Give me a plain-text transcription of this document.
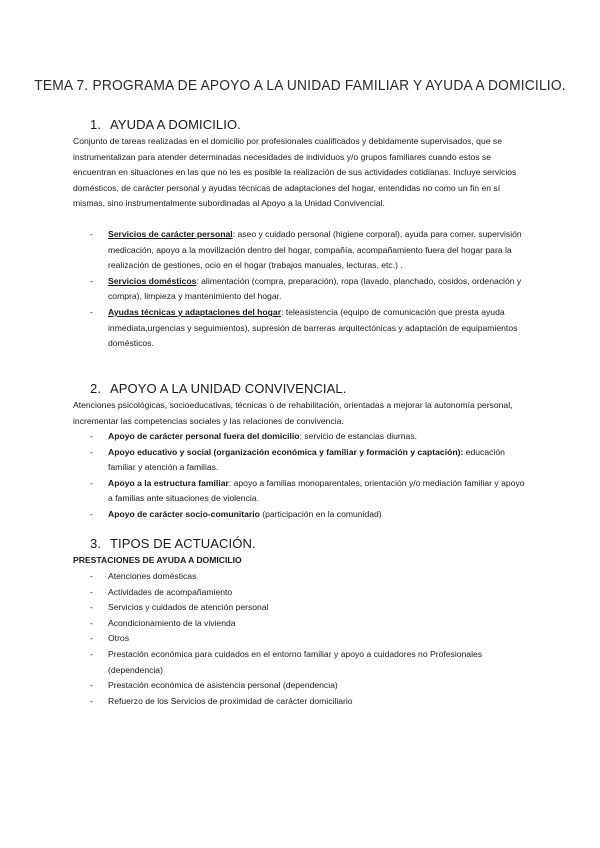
TEMA 7. PROGRAMA DE APOYO A LA UNIDAD FAMILIAR Y AYUDA A DOMICILIO.
1. AYUDA A DOMICILIO.
Conjunto de tareas realizadas en el domicilio por profesionales cualificados y debidamente supervisados, que se instrumentalizan para atender determinadas necesidades de individuos y/o grupos familiares cuando estos se encuentran en situaciones en las que no les es posible la realización de sus actividades cotidianas. Incluye servicios domésticos, de carácter personal y ayudas técnicas de adaptaciones del hogar, entendidas no como un fin en sí mismas, sino instrumentalmente subordinadas al Apoyo a la Unidad Convivencial.
- Servicios de carácter personal: aseo y cuidado personal (higiene corporal), ayuda para comer, supervisión medicación, apoyo a la movilización dentro del hogar, compañía, acompañamiento fuera del hogar para la realización de gestiones, ocio en el hogar (trabajos manuales, lecturas, etc.) .
- Servicios domésticos: alimentación (compra, preparación), ropa (lavado, planchado, cosidos, ordenación y compra), limpieza y mantenimiento del hogar.
- Ayudas técnicas y adaptaciones del hogar: teleasistencia (equipo de comunicación que presta ayuda inmediata,urgencias y seguimientos), supresión de barreras arquitectónicas y adaptación de equipamientos domésticos.
2. APOYO A LA UNIDAD CONVIVENCIAL.
Atenciones psicológicas, socioeducativas, técnicas o de rehabilitación, orientadas a mejorar la autonomía personal, incrementar las competencias sociales y las relaciones de convivencia.
- Apoyo de carácter personal fuera del domicilio: servicio de estancias diurnas.
- Apoyo educativo y social (organización económica y familiar y formación y captación): educación familiar y atención a familias.
- Apoyo a la estructura familiar: apoyo a familias monoparentales, orientación y/o mediación familiar y apoyo a familias ante situaciones de violencia.
- Apoyo de carácter socio-comunitario (participación en la comunidad)
3. TIPOS DE ACTUACIÓN.
PRESTACIONES DE AYUDA A DOMICILIO
- Atenciones domésticas
- Actividades de acompañamiento
- Servicios y cuidados de atención personal
- Acondicionamiento de la vivienda
- Otros
- Prestación económica para cuidados en el entorno familiar y apoyo a cuidadores no Profesionales (dependencia)
- Prestación económica de asistencia personal (dependencia)
- Refuerzo de los Servicios de proximidad de carácter domiciliario
